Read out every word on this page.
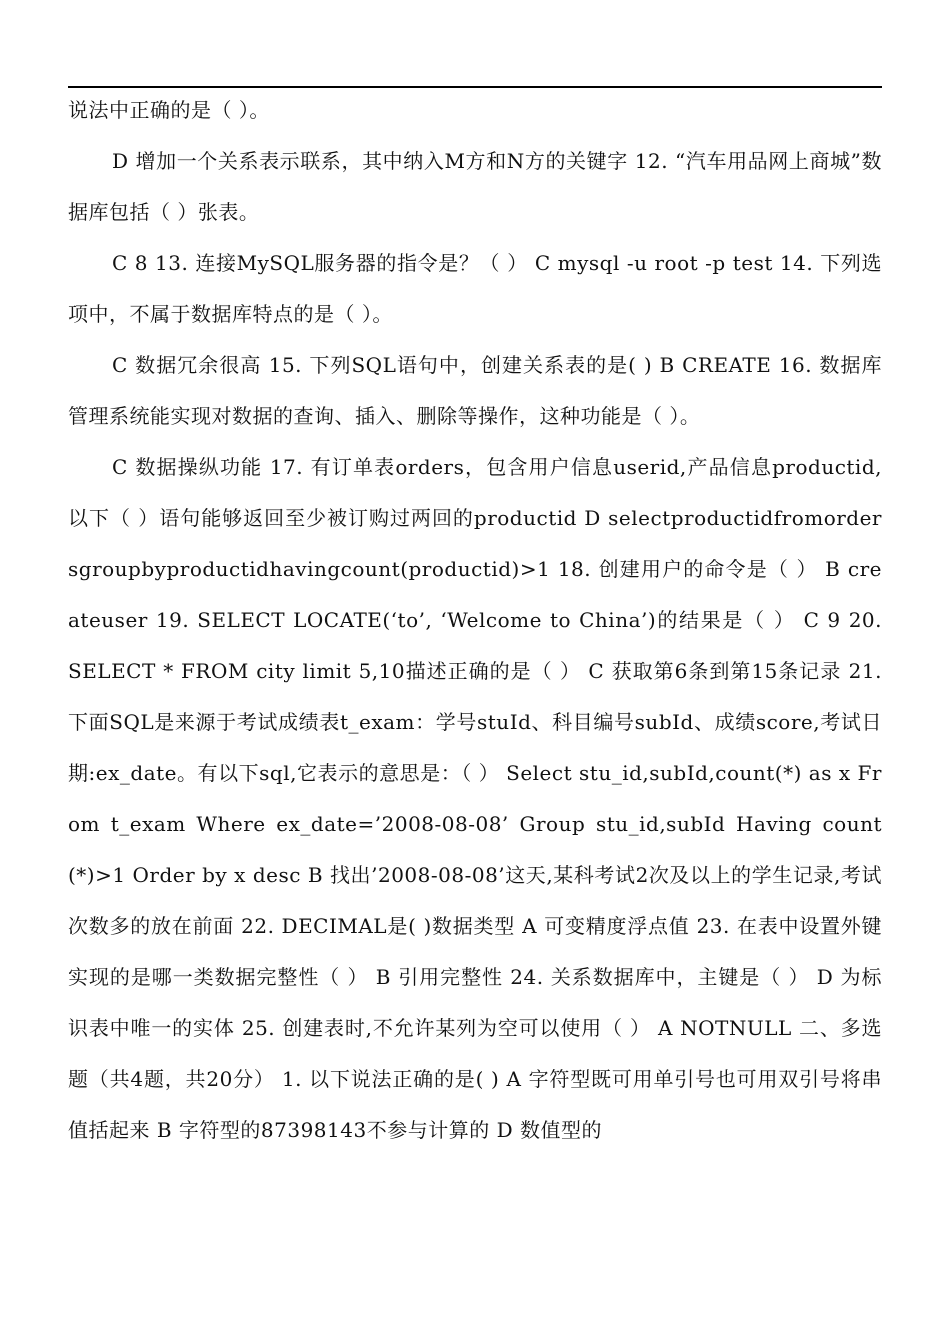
说法中正确的是（ ）。

D 增加一个关系表示联系，其中纳入M方和N方的关键字 12. “汽车用品网上商城”数据库包括（ ）张表。

C 8 13. 连接MySQL服务器的指令是？（ ） C mysql -u root -p test 14. 下列选项中，不属于数据库特点的是（ ）。

C 数据冗余很高 15. 下列SQL语句中，创建关系表的是( ) B CREATE 16. 数据库管理系统能实现对数据的查询、插入、删除等操作，这种功能是（ ）。

C 数据操纵功能 17. 有订单表orders，包含用户信息userid,产品信息productid,以下（ ）语句能够返回至少被订购过两回的productid D selectproductidfromordersgroupbyproductidhavingcount(productid)>1 18. 创建用户的命令是（ ） B createuser 19. SELECT LOCATE(‘to’, ‘Welcome to China’)的结果是（ ） C 9 20. SELECT * FROM city limit 5,10描述正确的是（ ） C 获取第6条到第15条记录 21. 下面SQL是来源于考试成绩表t_exam：学号stuId、科目编号subId、成绩score,考试日期:ex_date。有以下sql,它表示的意思是：（ ） Select stu_id,subId,count(*) as x From t_exam Where ex_date=’2008-08-08’ Group stu_id,subId Having count(*)>1 Order by x desc B 找出’2008-08-08’这天,某科考试2次及以上的学生记录,考试次数多的放在前面 22. DECIMAL是( )数据类型 A 可变精度浮点值 23. 在表中设置外键实现的是哪一类数据完整性（ ） B 引用完整性 24. 关系数据库中，主键是（ ） D 为标识表中唯一的实体 25. 创建表时,不允许某列为空可以使用（ ） A NOTNULL 二、多选题（共4题，共20分） 1. 以下说法正确的是( ) A 字符型既可用单引号也可用双引号将串值括起来 B 字符型的87398143不参与计算的 D 数值型的
